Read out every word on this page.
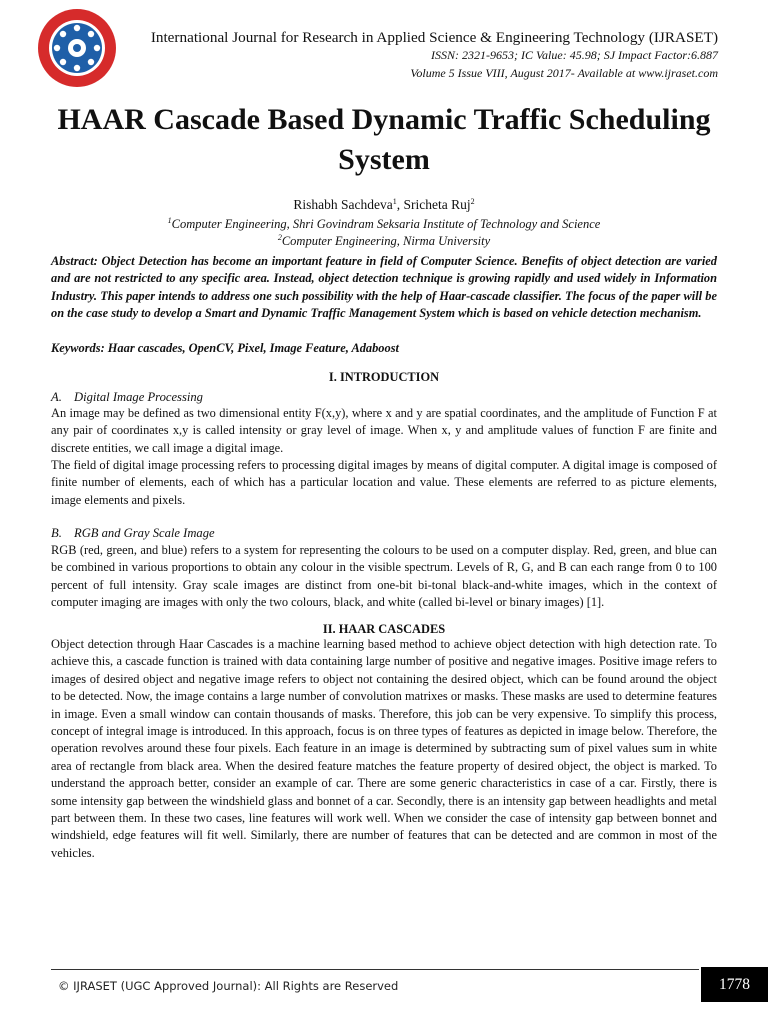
International Journal for Research in Applied Science & Engineering Technology (IJRASET)
ISSN: 2321-9653; IC Value: 45.98; SJ Impact Factor:6.887
Volume 5 Issue VIII, August 2017- Available at www.ijraset.com
HAAR Cascade Based Dynamic Traffic Scheduling
System
Rishabh Sachdeva$^1$, Sricheta Ruj$^2$
$^1$Computer Engineering, Shri Govindram Seksaria Institute of Technology and Science
$^2$Computer Engineering, Nirma University
Abstract: Object Detection has become an important feature in field of Computer Science. Benefits of object detection are varied and are not restricted to any specific area. Instead, object detection technique is growing rapidly and used widely in Information Industry. This paper intends to address one such possibility with the help of Haar-cascade classifier. The focus of the paper will be on the case study to develop a Smart and Dynamic Traffic Management System which is based on vehicle detection mechanism.
Keywords: Haar cascades, OpenCV, Pixel, Image Feature, Adaboost
I. INTRODUCTION
A. Digital Image Processing
An image may be defined as two dimensional entity F(x,y), where x and y are spatial coordinates, and the amplitude of Function F at any pair of coordinates x,y is called intensity or gray level of image. When x, y and amplitude values of function F are finite and discrete entities, we call image a digital image.
The field of digital image processing refers to processing digital images by means of digital computer. A digital image is composed of finite number of elements, each of which has a particular location and value. These elements are referred to as picture elements, image elements and pixels.
B. RGB and Gray Scale Image
RGB (red, green, and blue) refers to a system for representing the colours to be used on a computer display. Red, green, and blue can be combined in various proportions to obtain any colour in the visible spectrum. Levels of R, G, and B can each range from 0 to 100 percent of full intensity. Gray scale images are distinct from one-bit bi-tonal black-and-white images, which in the context of computer imaging are images with only the two colours, black, and white (called bi-level or binary images) [1].
II. HAAR CASCADES
Object detection through Haar Cascades is a machine learning based method to achieve object detection with high detection rate. To achieve this, a cascade function is trained with data containing large number of positive and negative images. Positive image refers to images of desired object and negative image refers to object not containing the desired object, which can be found around the object to be detected. Now, the image contains a large number of convolution matrixes or masks. These masks are used to determine features in image. Even a small window can contain thousands of masks. Therefore, this job can be very expensive. To simplify this process, concept of integral image is introduced. In this approach, focus is on three types of features as depicted in image below. Therefore, the operation revolves around these four pixels. Each feature in an image is determined by subtracting sum of pixel values sum in white area of rectangle from black area. When the desired feature matches the feature property of desired object, the object is marked. To understand the approach better, consider an example of car. There are some generic characteristics in case of a car. Firstly, there is some intensity gap between the windshield glass and bonnet of a car. Secondly, there is an intensity gap between headlights and metal part between them. In these two cases, line features will work well. When we consider the case of intensity gap between bonnet and windshield, edge features will fit well. Similarly, there are number of features that can be detected and are common in most of the vehicles.
© IJRASET (UGC Approved Journal): All Rights are Reserved	1778
